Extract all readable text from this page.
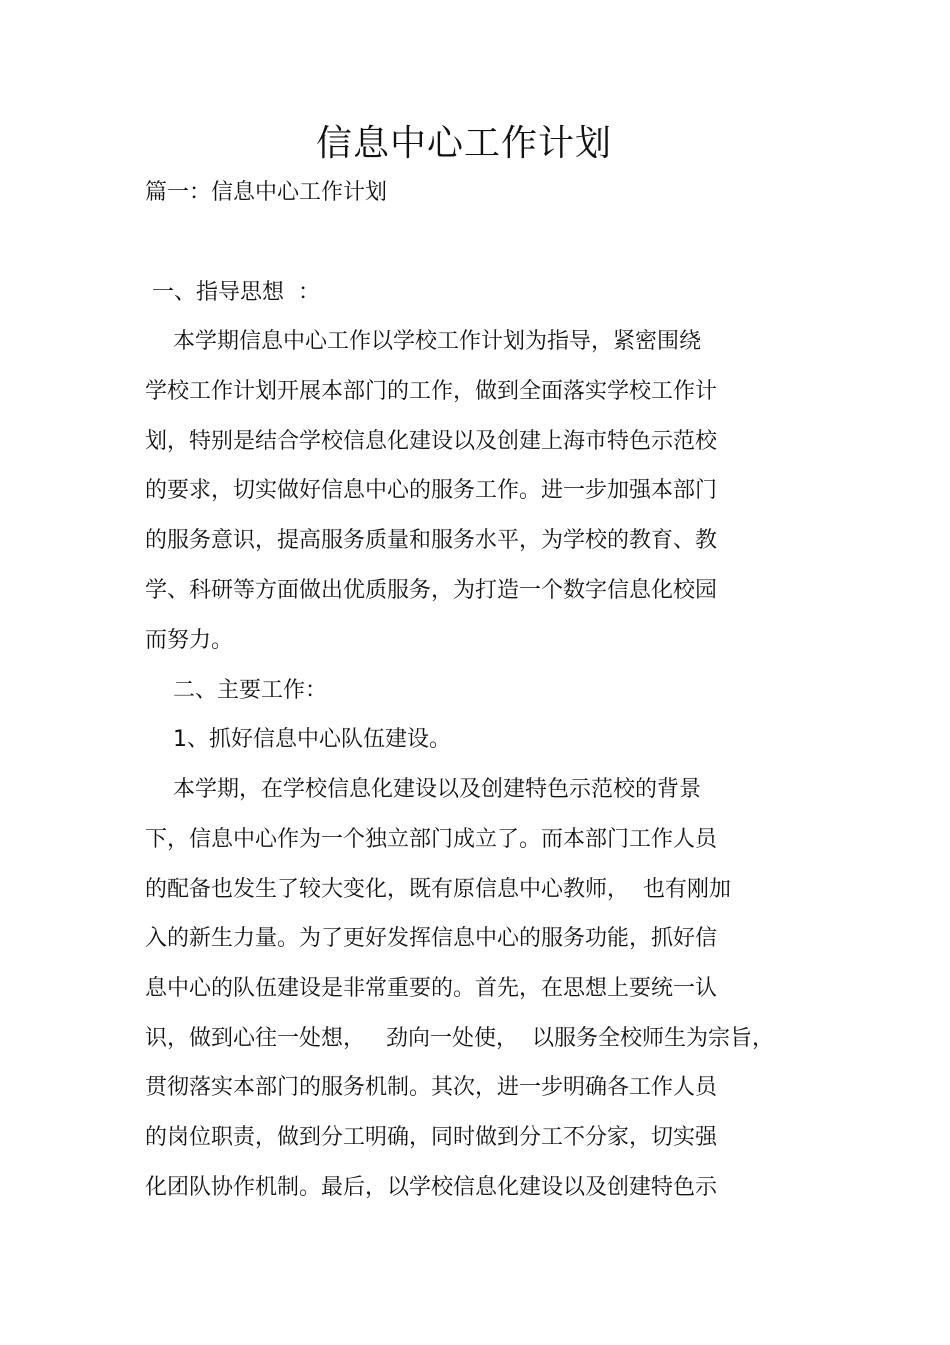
信息中心工作计划

篇一：信息中心工作计划

一、指导思想  ：

本学期信息中心工作以学校工作计划为指导，紧密围绕

学校工作计划开展本部门的工作，做到全面落实学校工作计

划，特别是结合学校信息化建设以及创建上海市特色示范校

的要求，切实做好信息中心的服务工作。进一步加强本部门

的服务意识，提高服务质量和服务水平，为学校的教育、教

学、科研等方面做出优质服务，为打造一个数字信息化校园

而努力。

二、主要工作：

1、抓好信息中心队伍建设。

本学期，在学校信息化建设以及创建特色示范校的背景

下，信息中心作为一个独立部门成立了。而本部门工作人员

的配备也发生了较大变化，既有原信息中心教师，  也有刚加

入的新生力量。为了更好发挥信息中心的服务功能，抓好信

息中心的队伍建设是非常重要的。首先，在思想上要统一认

识，做到心往一处想，   劲向一处使，  以服务全校师生为宗旨，

贯彻落实本部门的服务机制。其次，进一步明确各工作人员

的岗位职责，做到分工明确，同时做到分工不分家，切实强

化团队协作机制。最后，以学校信息化建设以及创建特色示
